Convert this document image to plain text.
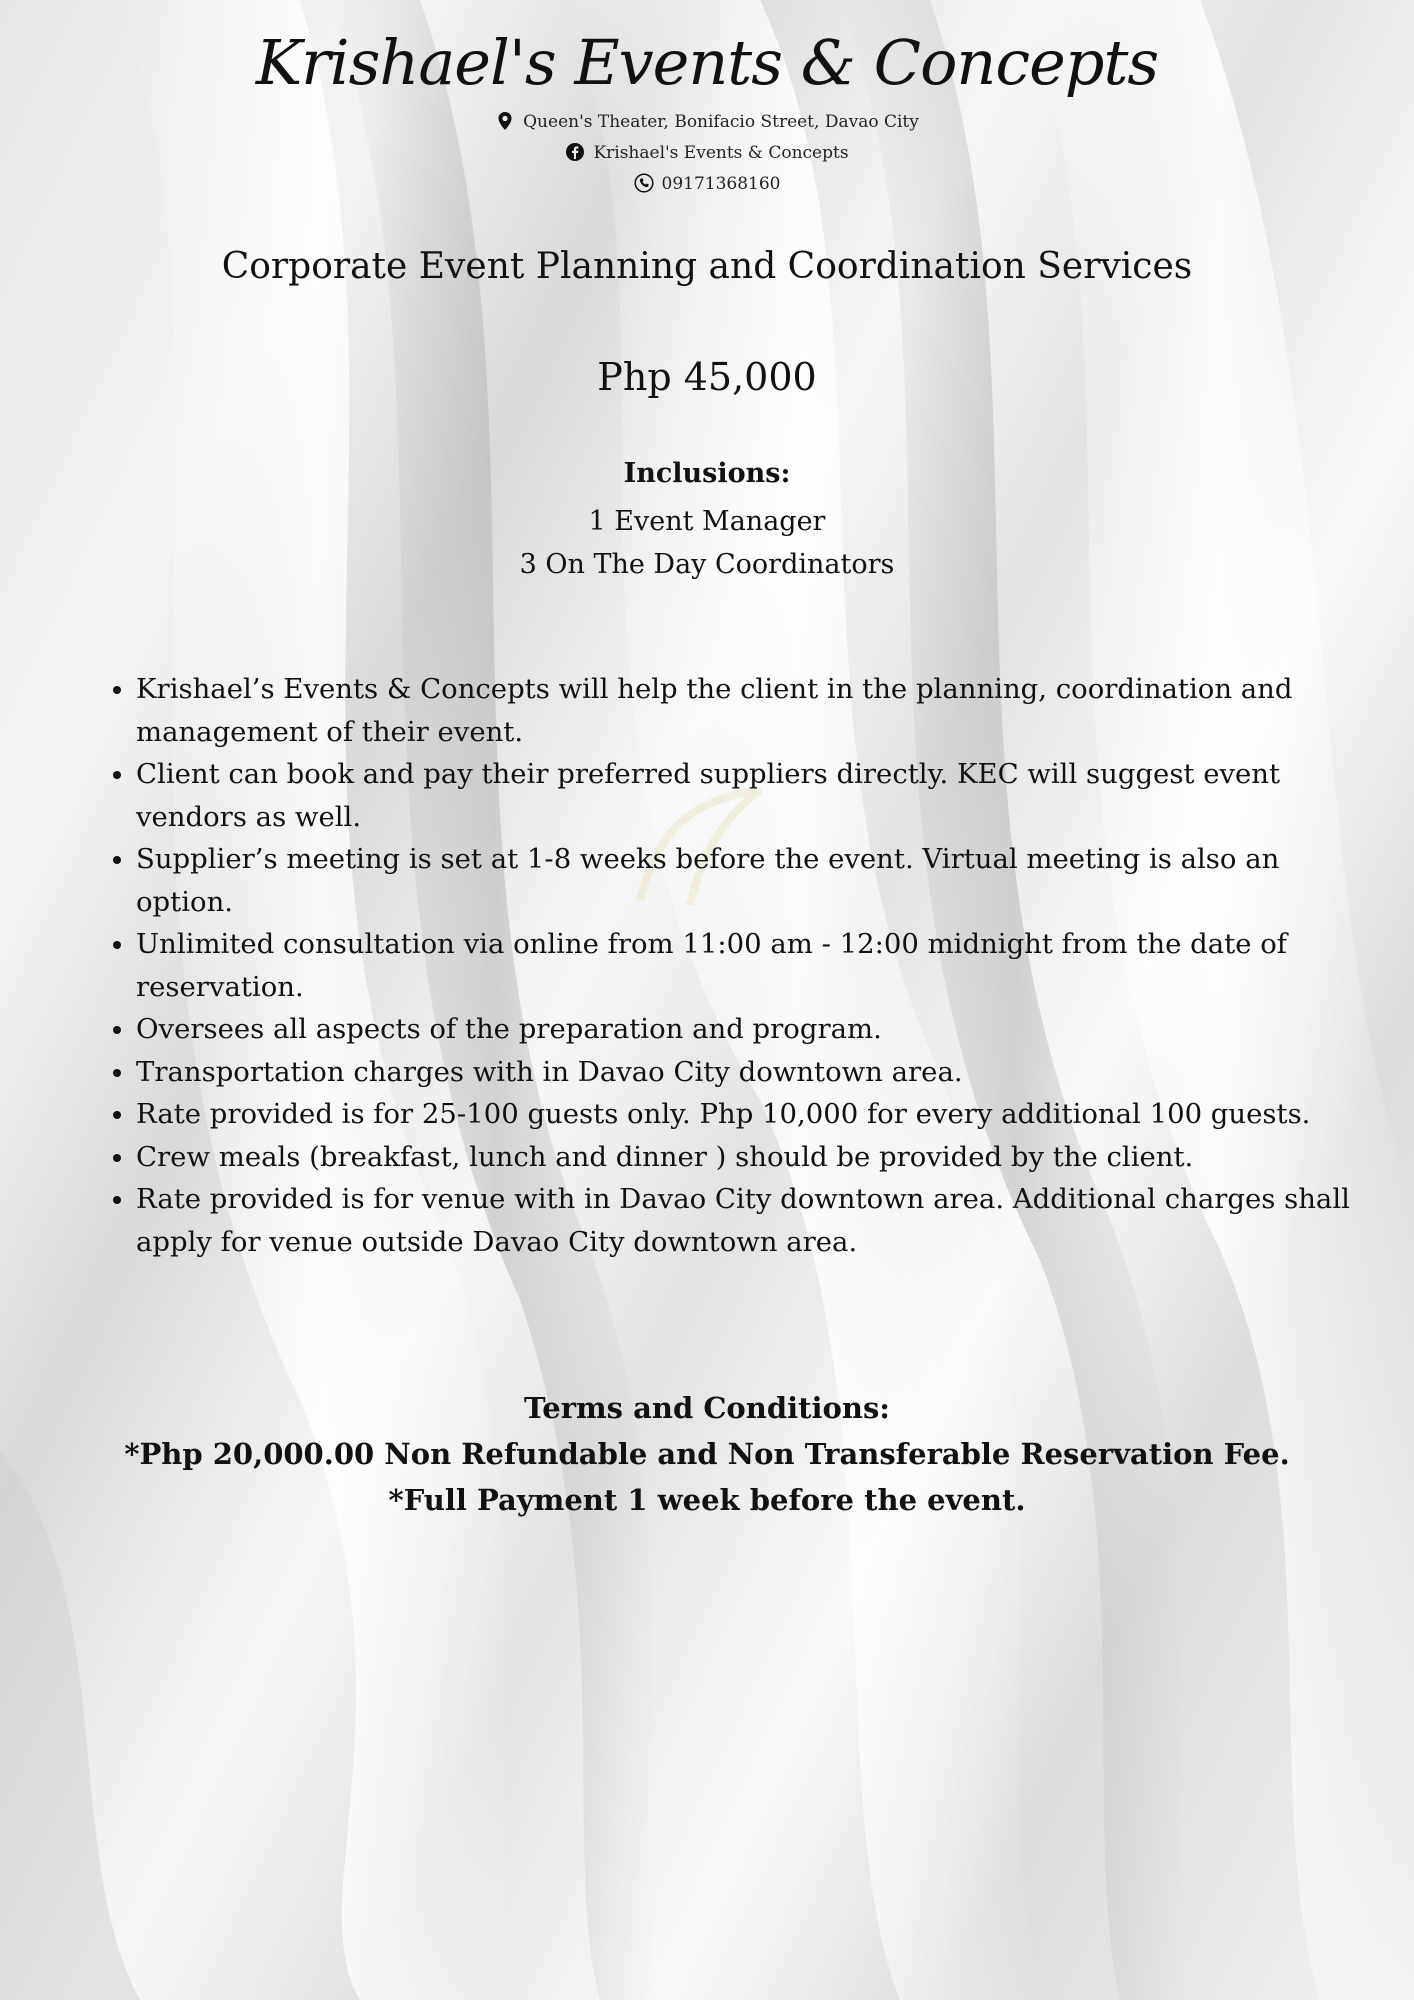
Krishael's Events & Concepts
Queen's Theater, Bonifacio Street, Davao City
Krishael's Events & Concepts
09171368160
Corporate Event Planning and Coordination Services
Php 45,000
Inclusions:
1 Event Manager
3 On The Day Coordinators
• Krishael’s Events & Concepts will help the client in the planning, coordination and management of their event.
• Client can book and pay their preferred suppliers directly. KEC will suggest event vendors as well.
• Supplier’s meeting is set at 1-8 weeks before the event. Virtual meeting is also an option.
• Unlimited consultation via online from 11:00 am - 12:00 midnight from the date of reservation.
• Oversees all aspects of the preparation and program.
• Transportation charges with in Davao City downtown area.
• Rate provided is for 25-100 guests only. Php 10,000 for every additional 100 guests.
• Crew meals (breakfast, lunch and dinner ) should be provided by the client.
• Rate provided is for venue with in Davao City downtown area. Additional charges shall apply for venue outside Davao City downtown area.
Terms and Conditions:
*Php 20,000.00 Non Refundable and Non Transferable Reservation Fee.
*Full Payment 1 week before the event.
